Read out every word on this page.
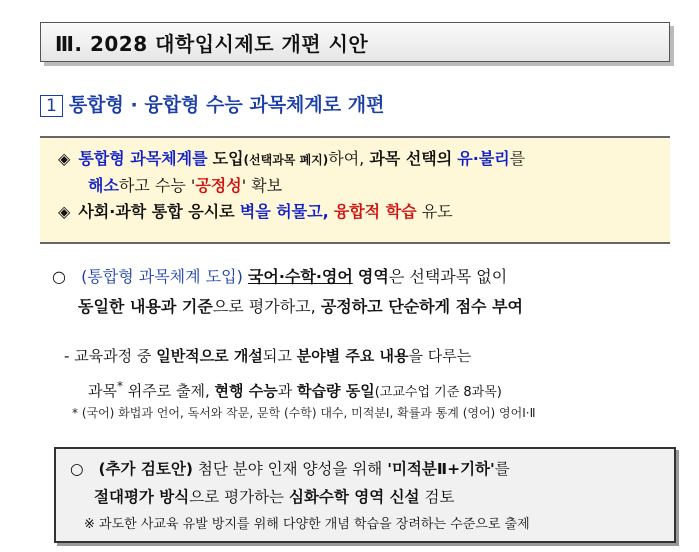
Ⅲ. 2028 대학입시제도 개편 시안
1 통합형 · 융합형 수능 과목체계로 개편

◈ 통합형 과목체계를 도입(선택과목 폐지)하여, 과목 선택의 유·불리를

해소하고 수능 '공정성' 확보

◈ 사회·과학 통합 응시로 벽을 허물고, 융합적 학습 유도

○ (통합형 과목체계 도입) 국어·수학·영어 영역은 선택과목 없이

동일한 내용과 기준으로 평가하고, 공정하고 단순하게 점수 부여

- 교육과정 중 일반적으로 개설되고 분야별 주요 내용을 다루는

과목* 위주로 출제, 현행 수능과 학습량 동일(고교수업 기준 8과목)

* (국어) 화법과 언어, 독서와 작문, 문학 (수학) 대수, 미적분Ⅰ, 확률과 통계 (영어) 영어Ⅰ·Ⅱ

○ (추가 검토안) 첨단 분야 인재 양성을 위해 '미적분Ⅱ+기하'를

절대평가 방식으로 평가하는 심화수학 영역 신설 검토

※ 과도한 사교육 유발 방지를 위해 다양한 개념 학습을 장려하는 수준으로 출제
